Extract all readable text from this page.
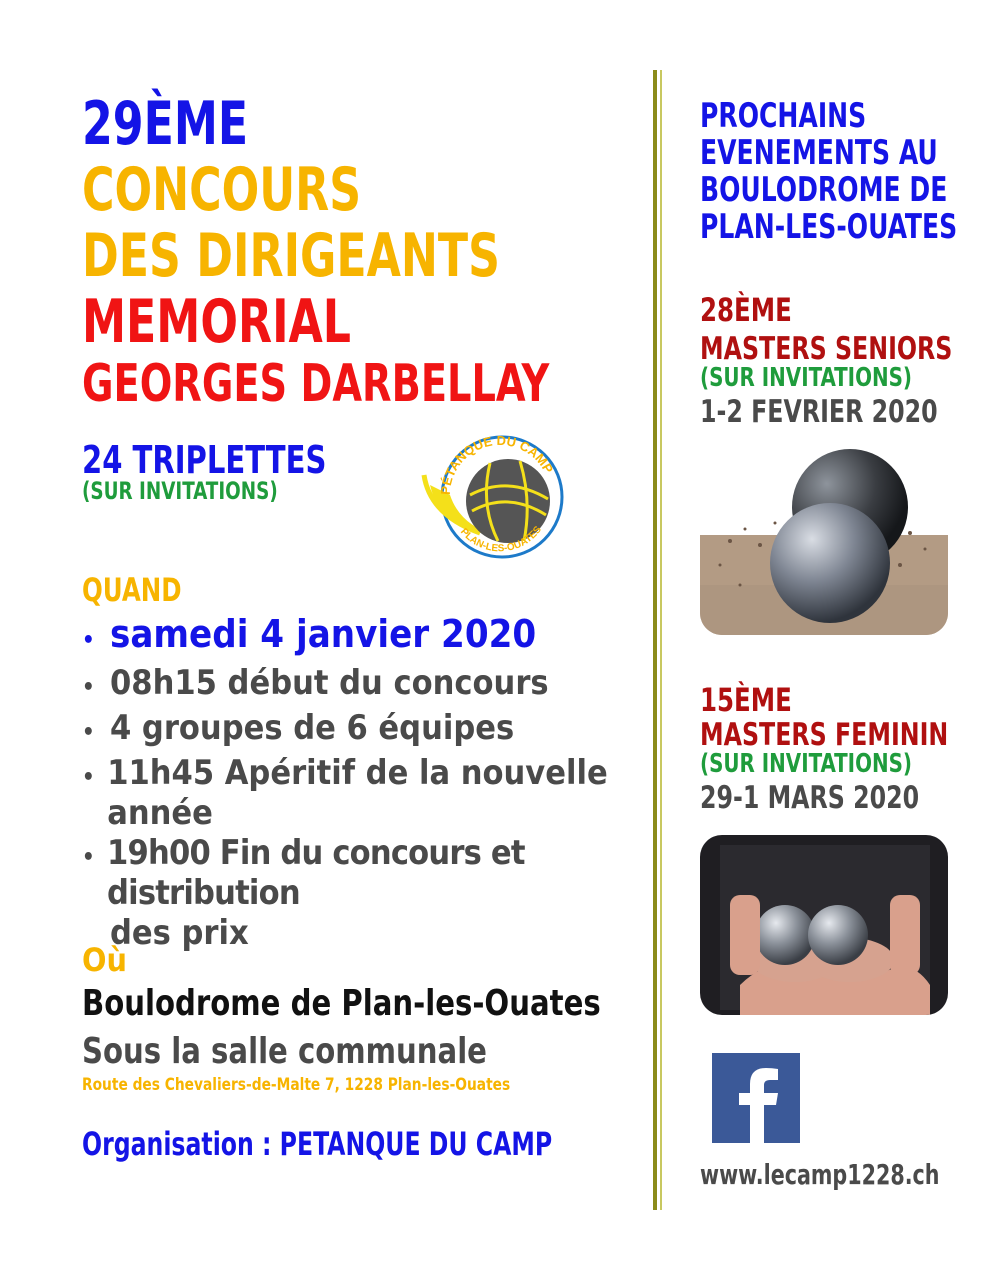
29ÈME
CONCOURS
DES DIRIGEANTS
MEMORIAL
GEORGES DARBELLAY
24 TRIPLETTES
(SUR INVITATIONS)	PÉTANQUE DU CAMP
PLAN-LES-OUATES
QUAND
• samedi 4 janvier 2020
• 08h15 début du concours
• 4 groupes de 6 équipes
• 11h45 Apéritif de la nouvelle année
• 19h00 Fin du concours et distribution
des prix
Où
Boulodrome de Plan-les-Ouates
Sous la salle communale
Route des Chevaliers-de-Malte 7, 1228 Plan-les-Ouates
Organisation : PETANQUE DU CAMP
PROCHAINS
EVENEMENTS AU
BOULODROME DE
PLAN-LES-OUATES
28ÈME
MASTERS SENIORS
(SUR INVITATIONS)
1-2 FEVRIER 2020
15ÈME
MASTERS FEMININ
(SUR INVITATIONS)
29-1 MARS 2020
www.lecamp1228.ch
